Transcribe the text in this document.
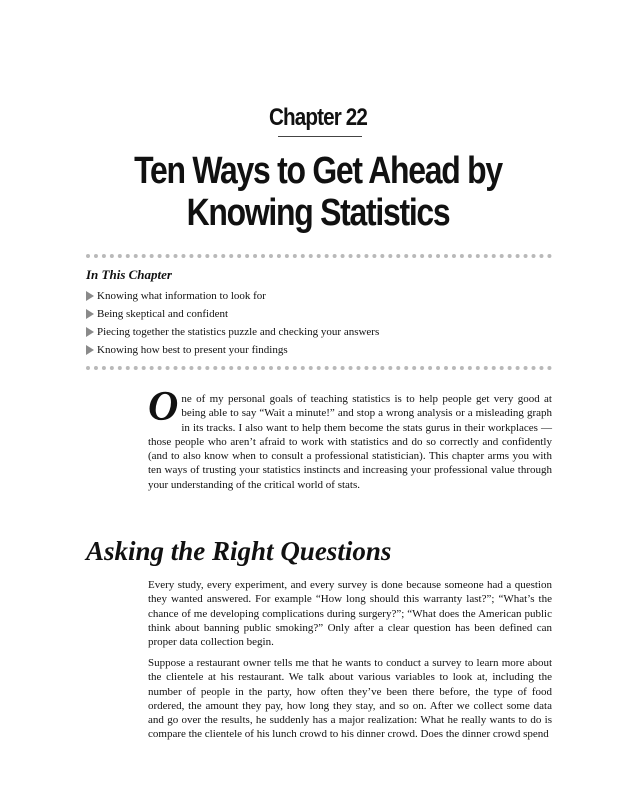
Chapter 22
Ten Ways to Get Ahead by
Knowing Statistics
In This Chapter
Knowing what information to look for
Being skeptical and confident
Piecing together the statistics puzzle and checking your answers
Knowing how best to present your findings
One of my personal goals of teaching statistics is to help people get very good at being able to say “Wait a minute!” and stop a wrong analysis or a misleading graph in its tracks. I also want to help them become the stats gurus in their workplaces — those people who aren’t afraid to work with statistics and do so correctly and confidently (and to also know when to consult a professional statistician). This chapter arms you with ten ways of trusting your statistics instincts and increasing your professional value through your understanding of the critical world of stats.
Asking the Right Questions

Every study, every experiment, and every survey is done because someone had a question they wanted answered. For example “How long should this warranty last?”; “What’s the chance of me developing complications during surgery?”; “What does the American public think about banning public smoking?” Only after a clear question has been defined can proper data collection begin.

Suppose a restaurant owner tells me that he wants to conduct a survey to learn more about the clientele at his restaurant. We talk about various variables to look at, including the number of people in the party, how often they’ve been there before, the type of food ordered, the amount they pay, how long they stay, and so on. After we collect some data and go over the results, he suddenly has a major realization: What he really wants to do is compare the clientele of his lunch crowd to his dinner crowd. Does the dinner crowd spend
